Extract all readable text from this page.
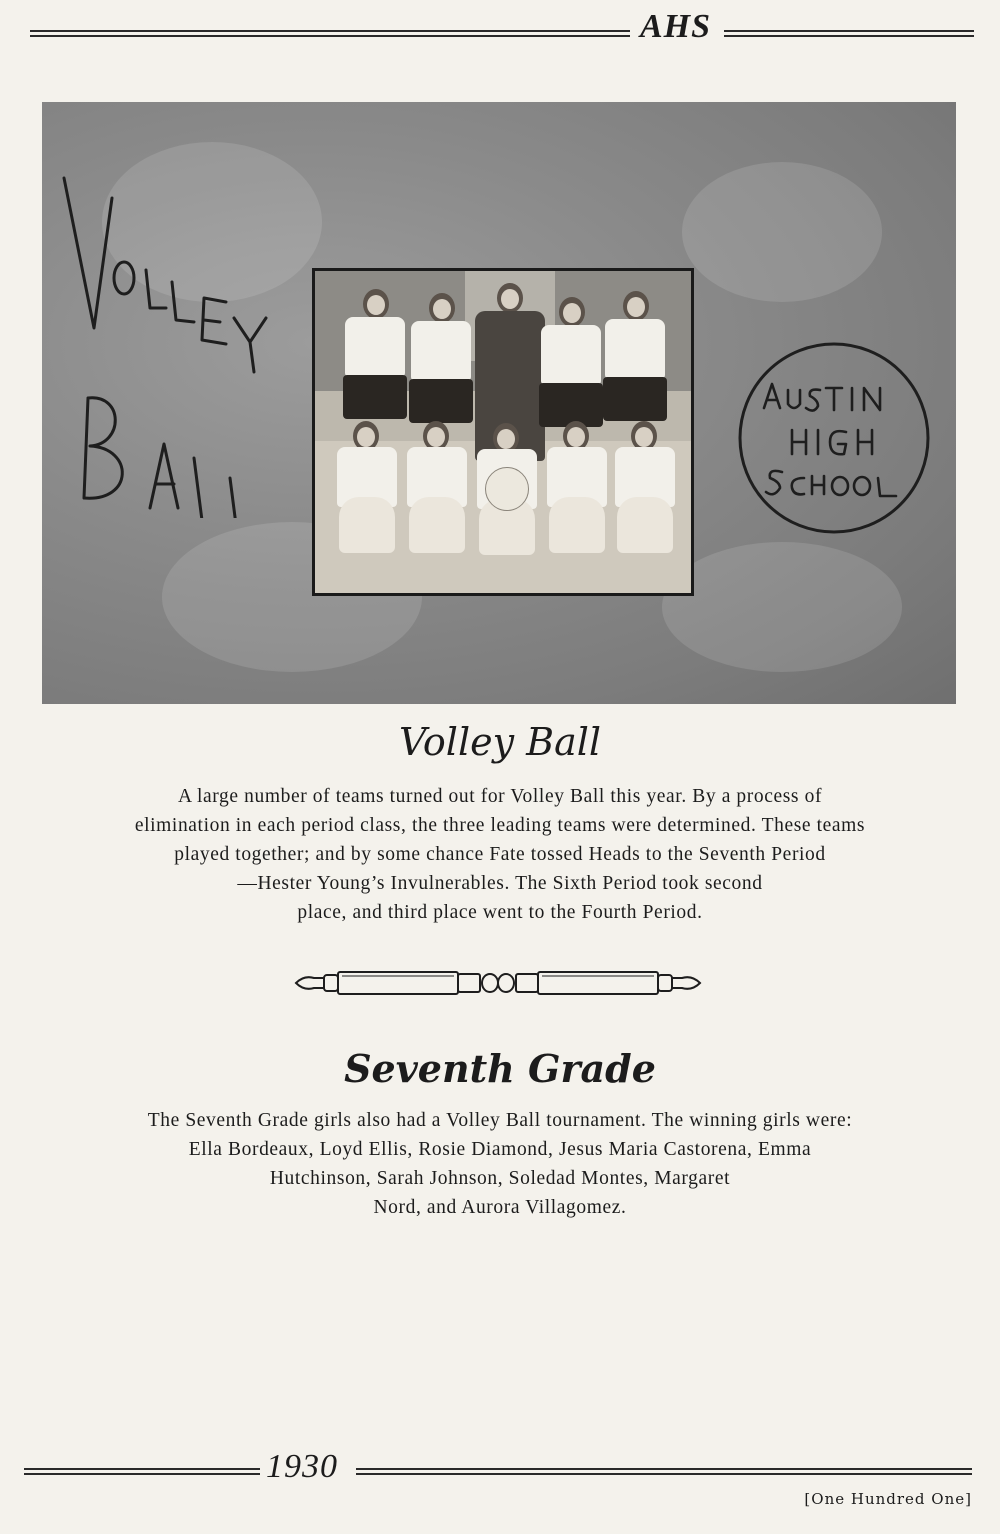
AHS
Volley Ball

A large number of teams turned out for Volley Ball this year. By a process of

elimination in each period class, the three leading teams were determined. These teams

played together; and by some chance Fate tossed Heads to the Seventh Period

—Hester Young’s Invulnerables. The Sixth Period took second

place, and third place went to the Fourth Period.

Seventh Grade

The Seventh Grade girls also had a Volley Ball tournament. The winning girls were:

Ella Bordeaux, Loyd Ellis, Rosie Diamond, Jesus Maria Castorena, Emma

Hutchinson, Sarah Johnson, Soledad Montes, Margaret

Nord, and Aurora Villagomez.

1930
[One Hundred One]
